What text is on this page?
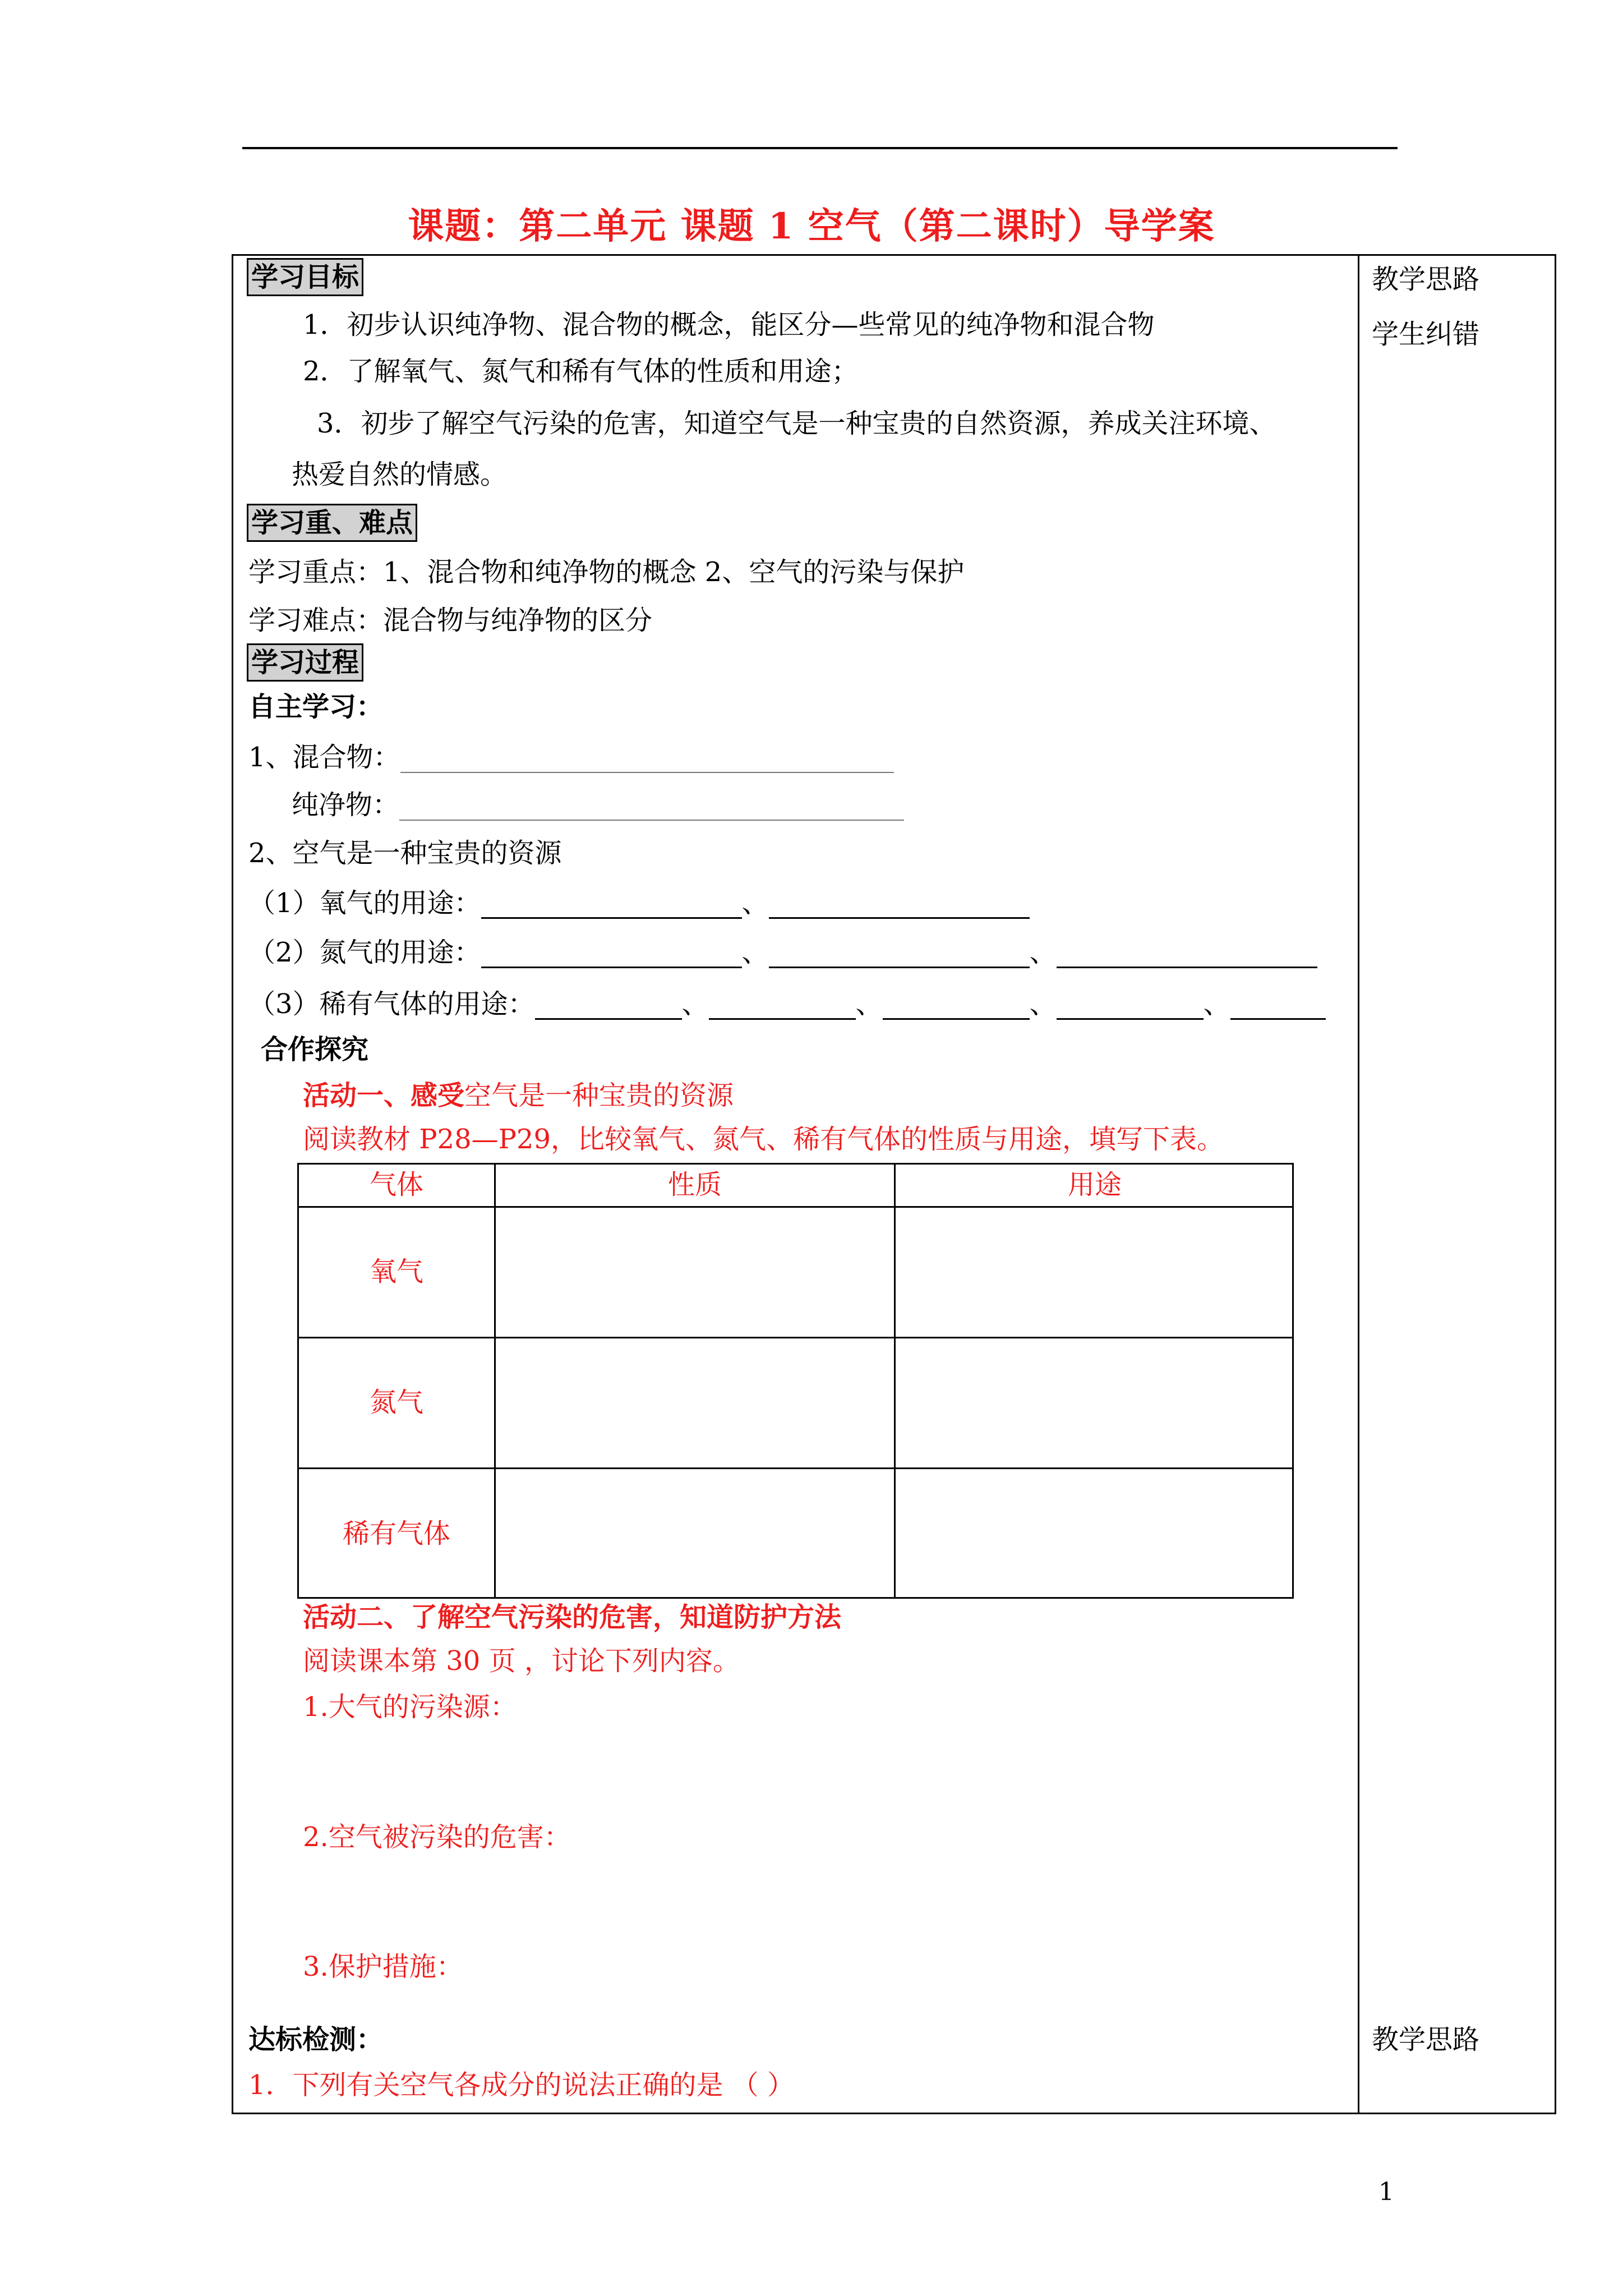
课题：第二单元 课题 1 空气（第二课时）导学案
教学思路
学生纠错
教学思路
学习目标
1．初步认识纯净物、混合物的概念，能区分—些常见的纯净物和混合物
2．了解氧气、氮气和稀有气体的性质和用途；
3．初步了解空气污染的危害，知道空气是一种宝贵的自然资源，养成关注环境、
热爱自然的情感。
学习重、难点
学习重点：1、混合物和纯净物的概念 2、空气的污染与保护
学习难点：混合物与纯净物的区分
学习过程
自主学习：
1、混合物：
纯净物：
2、空气是一种宝贵的资源
（1）氧气的用途：	、
（2）氮气的用途：	、	、
（3）稀有气体的用途：	、	、	、	、
合作探究
活动一、感受空气是一种宝贵的资源
阅读教材 P28—P29，比较氧气、氮气、稀有气体的性质与用途，填写下表。
气体	性质	用途
氧气
氮气
稀有气体
活动二、了解空气污染的危害，知道防护方法
阅读课本第 30 页 ，讨论下列内容。
1.大气的污染源：
2.空气被污染的危害：
3.保护措施：
达标检测：
1．下列有关空气各成分的说法正确的是 （ ）
1
